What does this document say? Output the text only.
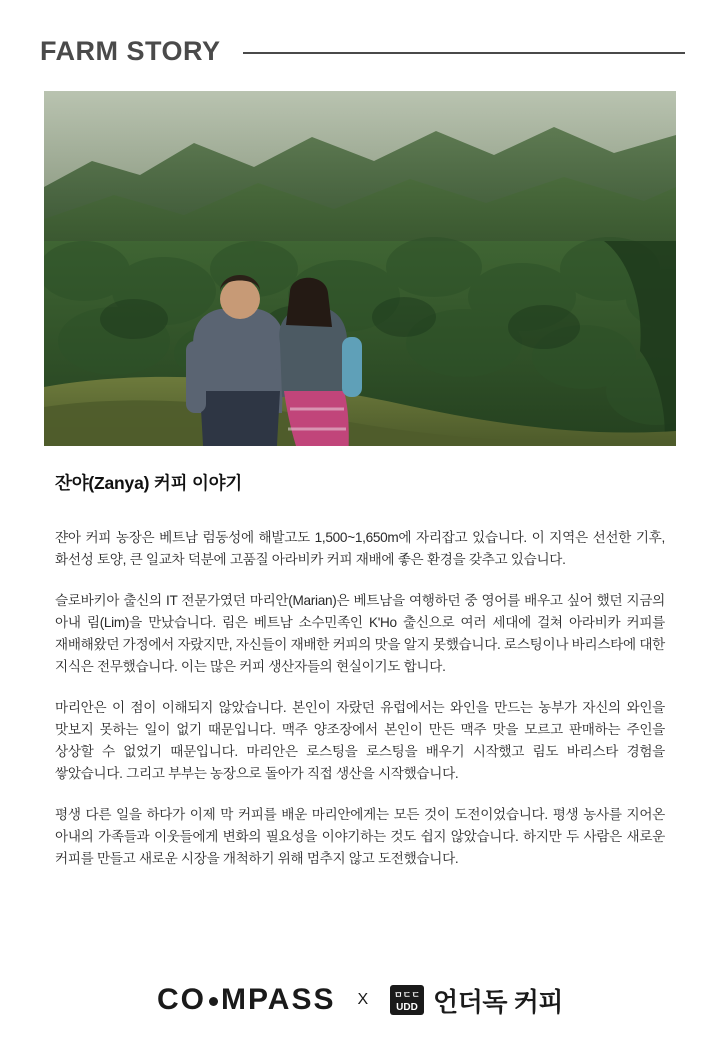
FARM STORY
잔야(Zanya) 커피 이야기

쟌아 커피 농장은 베트남 럼동성에 해발고도 1,500~1,650m에 자리잡고 있습니다. 이 지역은 선선한 기후, 화선성 토양, 큰 일교차 덕분에 고품질 아라비카 커피 재배에 좋은 환경을 갖추고 있습니다.

슬로바키아 출신의 IT 전문가였던 마리안(Marian)은 베트남을 여행하던 중 영어를 배우고 싶어 했던 지금의 아내 림(Lim)을 만났습니다. 림은 베트남 소수민족인 K'Ho 출신으로 여러 세대에 걸쳐 아라비카 커피를 재배해왔던 가정에서 자랐지만, 자신들이 재배한 커피의 맛을 알지 못했습니다. 로스팅이나 바리스타에 대한 지식은 전무했습니다. 이는 많은 커피 생산자들의 현실이기도 합니다.

마리안은 이 점이 이해되지 않았습니다. 본인이 자랐던 유럽에서는 와인을 만드는 농부가 자신의 와인을 맛보지 못하는 일이 없기 때문입니다. 맥주 양조장에서 본인이 만든 맥주 맛을 모르고 판매하는 주인을 상상할 수 없었기 때문입니다. 마리안은 로스팅을 로스팅을 배우기 시작했고 림도 바리스타 경험을 쌓았습니다. 그리고 부부는 농장으로 돌아가 직접 생산을 시작했습니다.

평생 다른 일을 하다가 이제 막 커피를 배운 마리안에게는 모든 것이 도전이었습니다. 평생 농사를 지어온 아내의 가족들과 이웃들에게 변화의 필요성을 이야기하는 것도 쉽지 않았습니다. 하지만 두 사람은 새로운 커피를 만들고 새로운 시장을 개척하기 위해 멈추지 않고 도전했습니다.

CO MPASS X	ㅁㄷㄷ
UDD 언더독 커피
